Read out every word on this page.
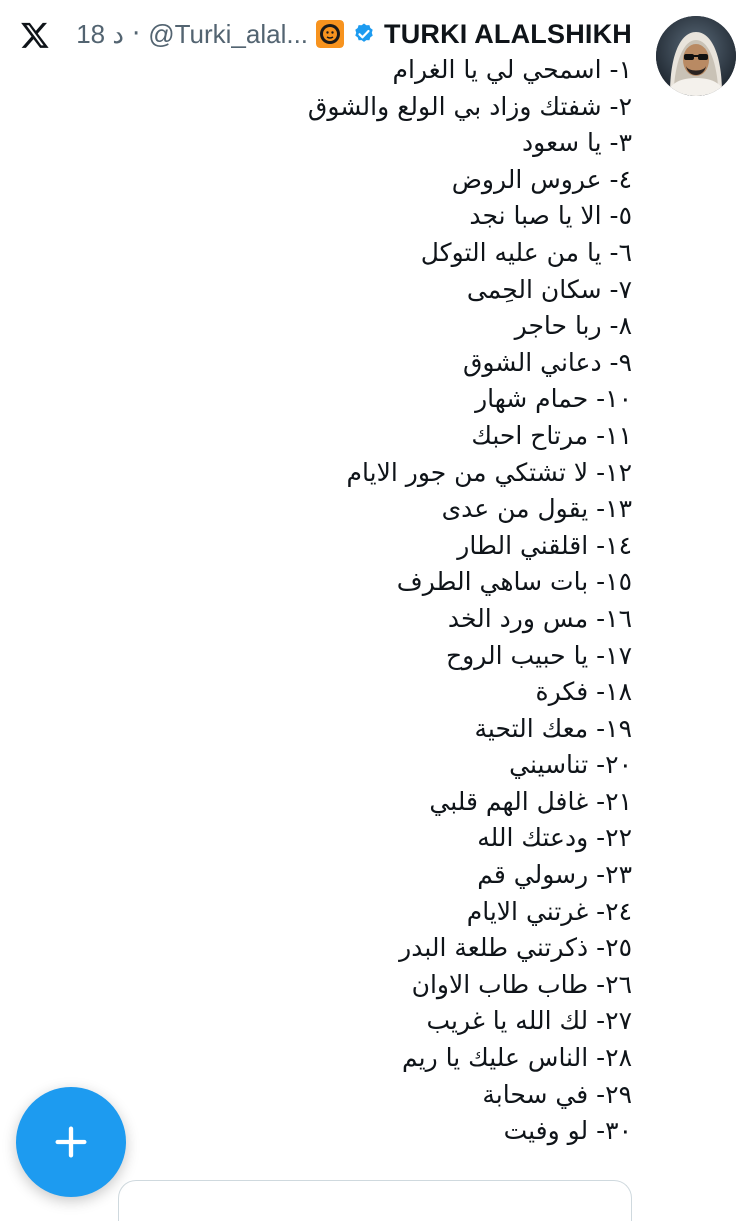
TURKI ALALSHIKH
@Turki_alal...
·
18 د
١- اسمحي لي يا الغرام
٢- شفتك وزاد بي الولع والشوق
٣- يا سعود
٤- عروس الروض
٥- الا يا صبا نجد
٦- يا من عليه التوكل
٧- سكان الحِمى
٨- ربا حاجر
٩- دعاني الشوق
١٠- حمام شهار
١١- مرتاح احبك
١٢- لا تشتكي من جور الايام
١٣- يقول من عدى
١٤- اقلقني الطار
١٥- بات ساهي الطرف
١٦- مس ورد الخد
١٧- يا حبيب الروح
١٨- فكرة
١٩- معك التحية
٢٠- تناسيني
٢١- غافل الهم قلبي
٢٢- ودعتك الله
٢٣- رسولي قم
٢٤- غرتني الايام
٢٥- ذكرتني طلعة البدر
٢٦- طاب طاب الاوان
٢٧- لك الله يا غريب
٢٨- الناس عليك يا ريم
٢٩- في سحابة
٣٠- لو وفيت
